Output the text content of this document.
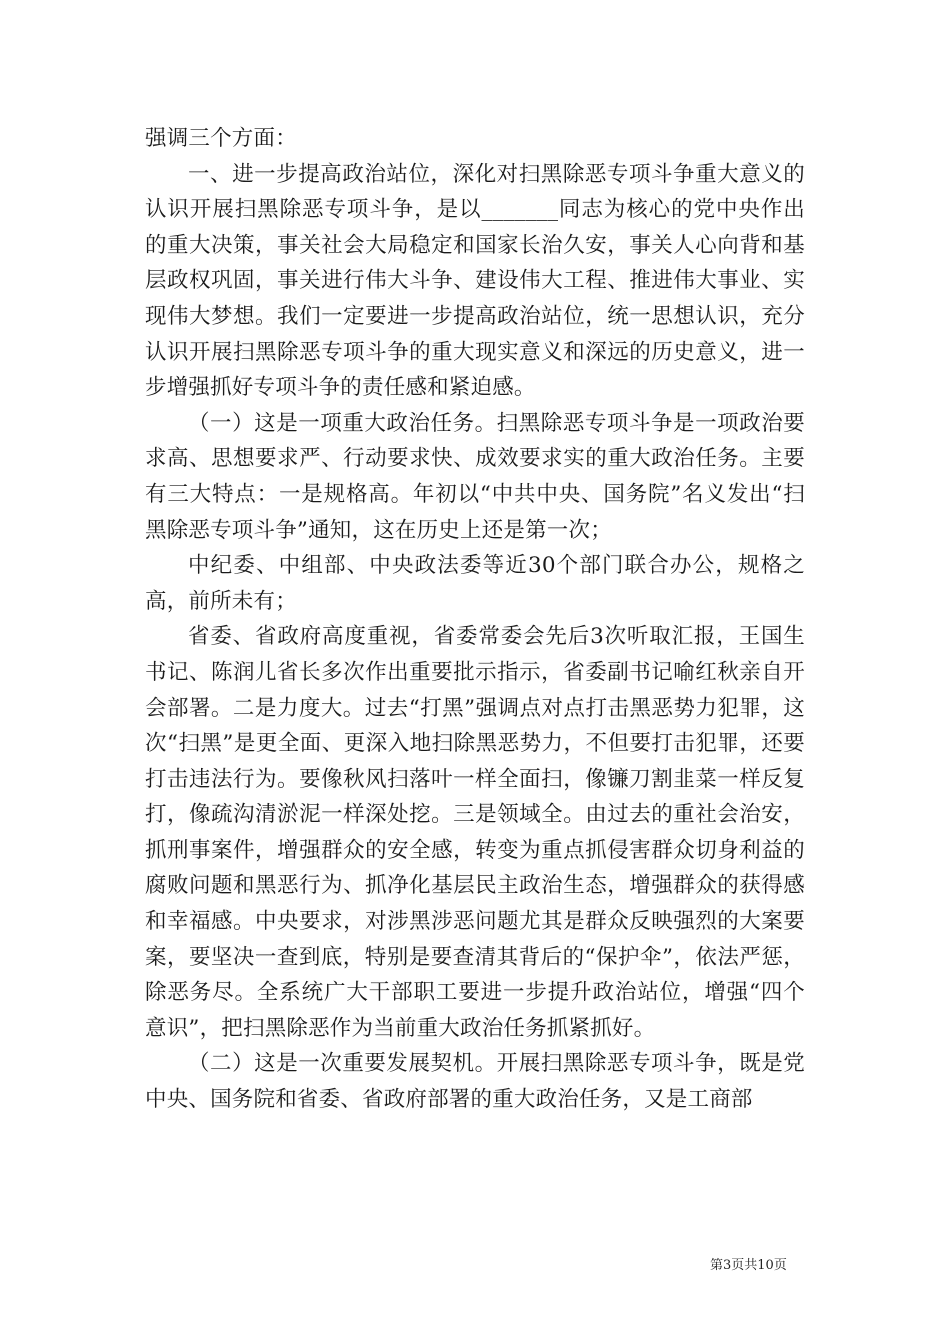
强调三个方面：

一、进一步提高政治站位，深化对扫黑除恶专项斗争重大意义的认识开展扫黑除恶专项斗争，是以_______同志为核心的党中央作出的重大决策，事关社会大局稳定和国家长治久安，事关人心向背和基层政权巩固，事关进行伟大斗争、建设伟大工程、推进伟大事业、实现伟大梦想。我们一定要进一步提高政治站位，统一思想认识，充分认识开展扫黑除恶专项斗争的重大现实意义和深远的历史意义，进一步增强抓好专项斗争的责任感和紧迫感。

（一）这是一项重大政治任务。扫黑除恶专项斗争是一项政治要求高、思想要求严、行动要求快、成效要求实的重大政治任务。主要有三大特点：一是规格高。年初以“中共中央、国务院”名义发出“扫黑除恶专项斗争”通知，这在历史上还是第一次；

中纪委、中组部、中央政法委等近30个部门联合办公，规格之高，前所未有；

省委、省政府高度重视，省委常委会先后3次听取汇报，王国生书记、陈润儿省长多次作出重要批示指示，省委副书记喻红秋亲自开会部署。二是力度大。过去“打黑”强调点对点打击黑恶势力犯罪，这次“扫黑”是更全面、更深入地扫除黑恶势力，不但要打击犯罪，还要打击违法行为。要像秋风扫落叶一样全面扫，像镰刀割韭菜一样反复打，像疏沟清淤泥一样深处挖。三是领域全。由过去的重社会治安，抓刑事案件，增强群众的安全感，转变为重点抓侵害群众切身利益的腐败问题和黑恶行为、抓净化基层民主政治生态，增强群众的获得感和幸福感。中央要求，对涉黑涉恶问题尤其是群众反映强烈的大案要案，要坚决一查到底，特别是要查清其背后的“保护伞”，依法严惩，除恶务尽。全系统广大干部职工要进一步提升政治站位，增强“四个意识”，把扫黑除恶作为当前重大政治任务抓紧抓好。

（二）这是一次重要发展契机。开展扫黑除恶专项斗争，既是党中央、国务院和省委、省政府部署的重大政治任务，又是工商部

第3页共10页
